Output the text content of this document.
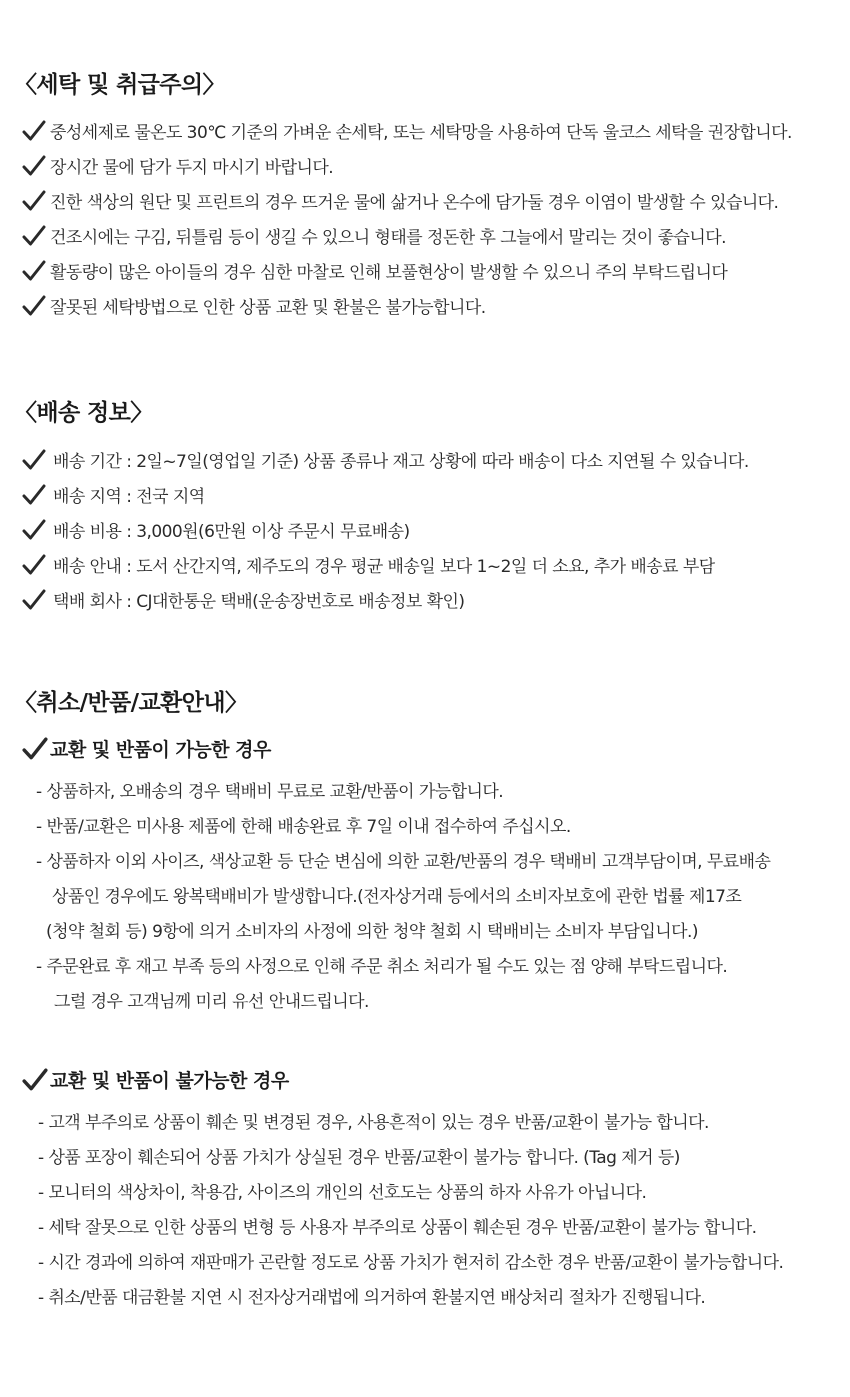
〈세탁 및 취급주의〉
중성세제로 물온도 30℃ 기준의 가벼운 손세탁, 또는 세탁망을 사용하여 단독 울코스 세탁을 권장합니다.
장시간 물에 담가 두지 마시기 바랍니다.
진한 색상의 원단 및 프린트의 경우 뜨거운 물에 삶거나 온수에 담가둘 경우 이염이 발생할 수 있습니다.
건조시에는 구김, 뒤틀림 등이 생길 수 있으니 형태를 정돈한 후 그늘에서 말리는 것이 좋습니다.
활동량이 많은 아이들의 경우 심한 마찰로 인해 보풀현상이 발생할 수 있으니 주의 부탁드립니다
잘못된 세탁방법으로 인한 상품 교환 및 환불은 불가능합니다.
〈배송 정보〉
배송 기간 : 2일~7일(영업일 기준) 상품 종류나 재고 상황에 따라 배송이 다소 지연될 수 있습니다.
배송 지역 : 전국 지역
배송 비용 : 3,000원(6만원 이상 주문시 무료배송)
배송 안내 : 도서 산간지역, 제주도의 경우 평균 배송일 보다 1~2일 더 소요, 추가 배송료 부담
택배 회사 : CJ대한통운 택배(운송장번호로 배송정보 확인)
〈취소/반품/교환안내〉
교환 및 반품이 가능한 경우
- 상품하자, 오배송의 경우 택배비 무료로 교환/반품이 가능합니다.
- 반품/교환은 미사용 제품에 한해 배송완료 후 7일 이내 접수하여 주십시오.
- 상품하자 이외 사이즈, 색상교환 등 단순 변심에 의한 교환/반품의 경우 택배비 고객부담이며, 무료배송
상품인 경우에도 왕복택배비가 발생합니다.(전자상거래 등에서의 소비자보호에 관한 법률 제17조
(청약 철회 등) 9항에 의거 소비자의 사정에 의한 청약 철회 시 택배비는 소비자 부담입니다.)
- 주문완료 후 재고 부족 등의 사정으로 인해 주문 취소 처리가 될 수도 있는 점 양해 부탁드립니다.
그럴 경우 고객님께 미리 유선 안내드립니다.
교환 및 반품이 불가능한 경우
- 고객 부주의로 상품이 훼손 및 변경된 경우, 사용흔적이 있는 경우 반품/교환이 불가능 합니다.
- 상품 포장이 훼손되어 상품 가치가 상실된 경우 반품/교환이 불가능 합니다. (Tag 제거 등)
- 모니터의 색상차이, 착용감, 사이즈의 개인의 선호도는 상품의 하자 사유가 아닙니다.
- 세탁 잘못으로 인한 상품의 변형 등 사용자 부주의로 상품이 훼손된 경우 반품/교환이 불가능 합니다.
- 시간 경과에 의하여 재판매가 곤란할 정도로 상품 가치가 현저히 감소한 경우 반품/교환이 불가능합니다.
- 취소/반품 대금환불 지연 시 전자상거래법에 의거하여 환불지연 배상처리 절차가 진행됩니다.
